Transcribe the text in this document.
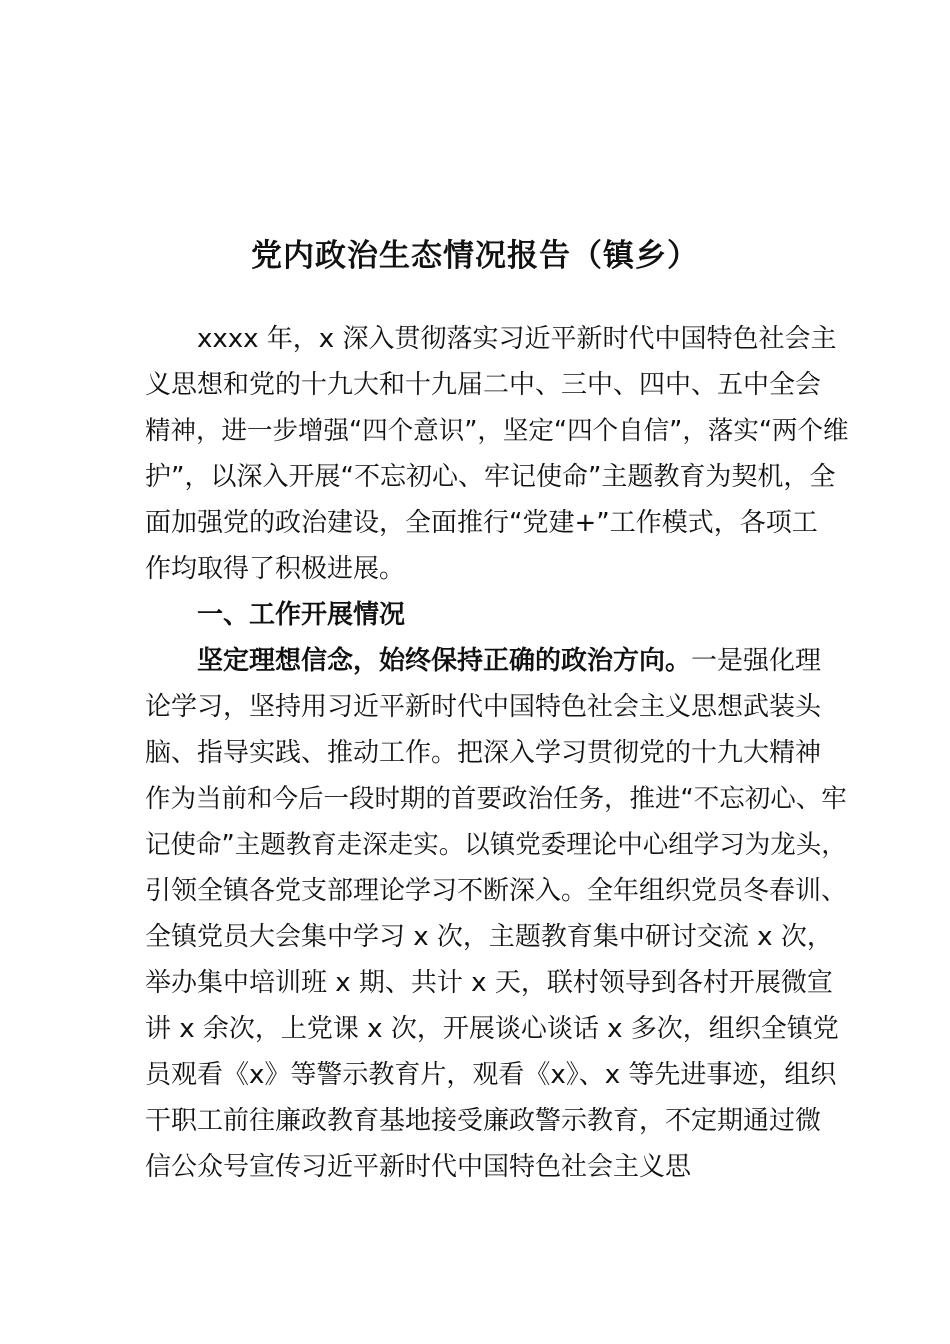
党内政治生态情况报告（镇乡）
xxxx 年，x 深入贯彻落实习近平新时代中国特色社会主
义思想和党的十九大和十九届二中、三中、四中、五中全会
精神，进一步增强“四个意识”，坚定“四个自信”，落实“两个维
护”，以深入开展“不忘初心、牢记使命”主题教育为契机，全
面加强党的政治建设，全面推行“党建+”工作模式，各项工
作均取得了积极进展。
一、工作开展情况
坚定理想信念，始终保持正确的政治方向。一是强化理
论学习，坚持用习近平新时代中国特色社会主义思想武装头
脑、指导实践、推动工作。把深入学习贯彻党的十九大精神
作为当前和今后一段时期的首要政治任务，推进“不忘初心、牢
记使命”主题教育走深走实。以镇党委理论中心组学习为龙头，
引领全镇各党支部理论学习不断深入。全年组织党员冬春训、
全镇党员大会集中学习 x 次，主题教育集中研讨交流 x 次，
举办集中培训班 x 期、共计 x 天，联村领导到各村开展微宣
讲 x 余次，上党课 x 次，开展谈心谈话 x 多次，组织全镇党
员观看《x》等警示教育片，观看《x》、x 等先进事迹，组织
干职工前往廉政教育基地接受廉政警示教育，不定期通过微
信公众号宣传习近平新时代中国特色社会主义思
